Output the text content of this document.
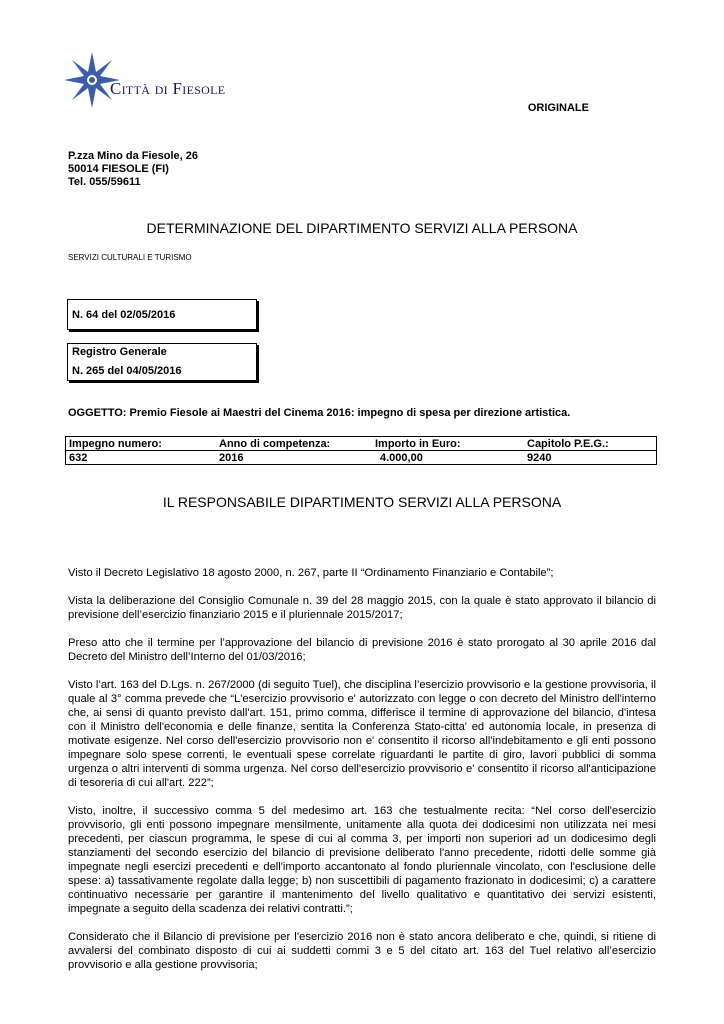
Città di Fiesole
ORIGINALE
P.zza Mino da Fiesole, 26
50014 FIESOLE (FI)
Tel. 055/59611
DETERMINAZIONE DEL DIPARTIMENTO SERVIZI ALLA PERSONA
SERVIZI CULTURALI E TURISMO
N. 64 del 02/05/2016
Registro Generale
N. 265 del 04/05/2016
OGGETTO: Premio Fiesole ai Maestri del Cinema 2016: impegno di spesa per direzione artistica.
Impegno numero:	Anno di competenza:	Importo in Euro:	Capitolo P.E.G.:
632	2016	4.000,00	9240
IL RESPONSABILE DIPARTIMENTO SERVIZI ALLA PERSONA
Visto il Decreto Legislativo 18 agosto 2000, n. 267, parte II “Ordinamento Finanziario e Contabile”;
Vista la deliberazione del Consiglio Comunale n. 39 del 28 maggio 2015, con la quale è stato approvato il bilancio di previsione dell’esercizio finanziario 2015 e il pluriennale 2015/2017;
Preso atto che il termine per l’approvazione del bilancio di previsione 2016 è stato prorogato al 30 aprile 2016 dal Decreto del Ministro dell’Interno del 01/03/2016;
Visto l’art. 163 del D.Lgs. n. 267/2000 (di seguito Tuel), che disciplina l’esercizio provvisorio e la gestione provvisoria, il quale al 3° comma prevede che “L'esercizio provvisorio e' autorizzato con legge o con decreto del Ministro dell'interno che, ai sensi di quanto previsto dall'art. 151, primo comma, differisce il termine di approvazione del bilancio, d'intesa con il Ministro dell'economia e delle finanze, sentita la Conferenza Stato-citta' ed autonomia locale, in presenza di motivate esigenze. Nel corso dell'esercizio provvisorio non e' consentito il ricorso all'indebitamento e gli enti possono impegnare solo spese correnti, le eventuali spese correlate riguardanti le partite di giro, lavori pubblici di somma urgenza o altri interventi di somma urgenza. Nel corso dell'esercizio provvisorio e' consentito il ricorso all'anticipazione di tesoreria di cui all'art. 222”;
Visto, inoltre, il successivo comma 5 del medesimo art. 163 che testualmente recita: “Nel corso dell'esercizio provvisorio, gli enti possono impegnare mensilmente, unitamente alla quota dei dodicesimi non utilizzata nei mesi precedenti, per ciascun programma, le spese di cui al comma 3, per importi non superiori ad un dodicesimo degli stanziamenti del secondo esercizio del bilancio di previsione deliberato l'anno precedente, ridotti delle somme già impegnate negli esercizi precedenti e dell'importo accantonato al fondo pluriennale vincolato, con l'esclusione delle spese: a) tassativamente regolate dalla legge; b) non suscettibili di pagamento frazionato in dodicesimi; c) a carattere continuativo necessarie per garantire il mantenimento del livello qualitativo e quantitativo dei servizi esistenti, impegnate a seguito della scadenza dei relativi contratti.”;
Considerato che il Bilancio di previsione per l’esercizio 2016 non è stato ancora deliberato e che, quindi, si ritiene di avvalersi del combinato disposto di cui ai suddetti commi 3 e 5 del citato art. 163 del Tuel relativo all’esercizio provvisorio e alla gestione provvisoria;
